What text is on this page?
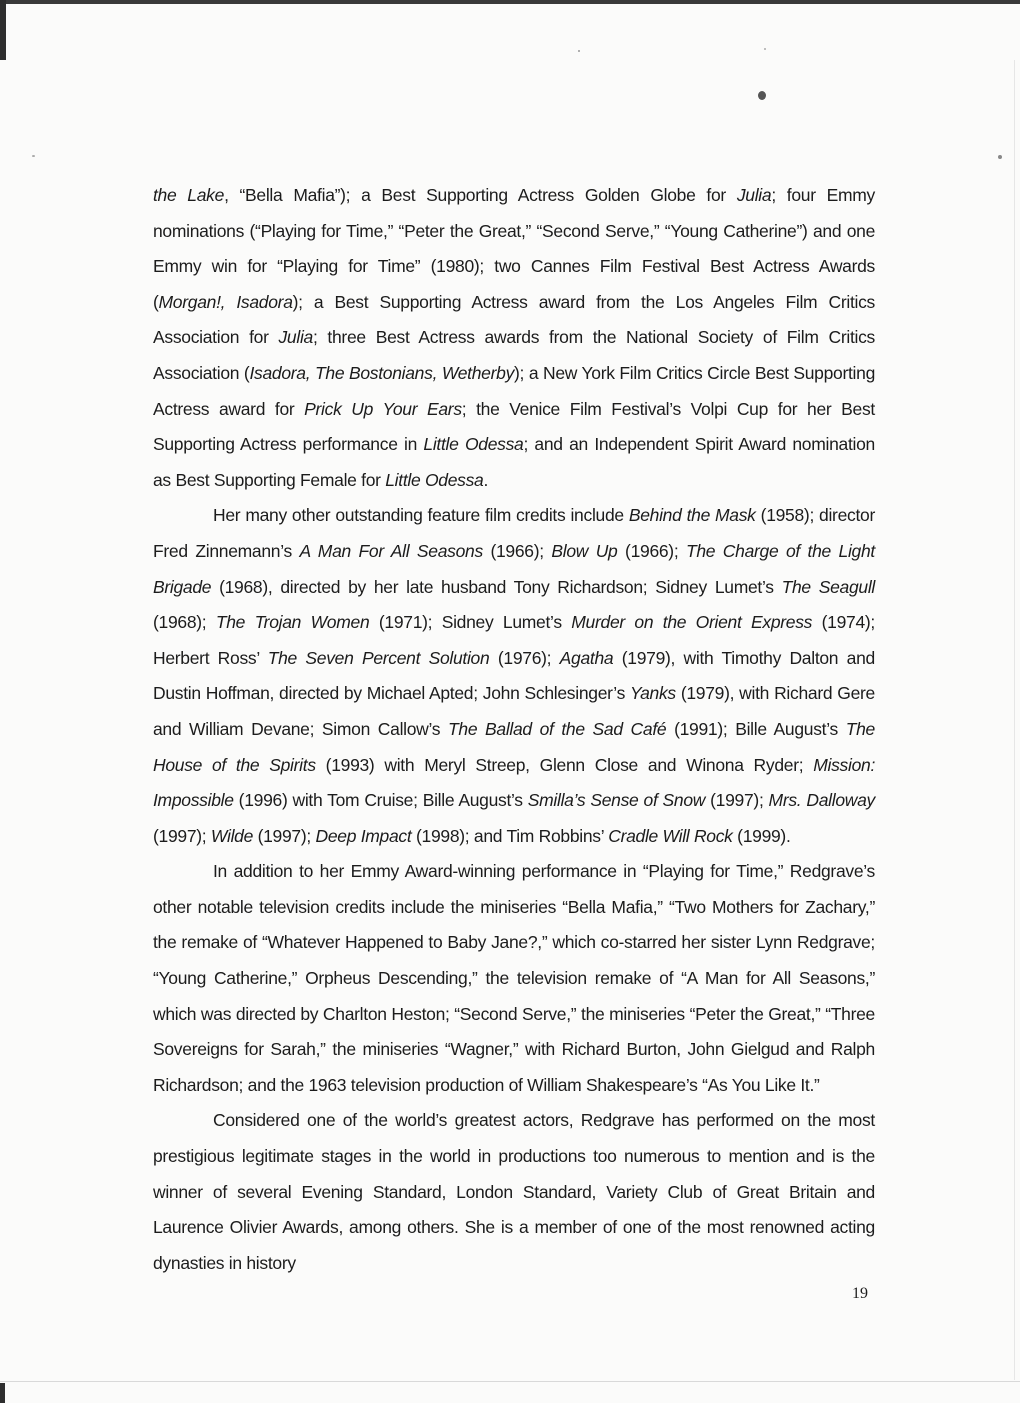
the Lake, “Bella Mafia”); a Best Supporting Actress Golden Globe for Julia; four Emmy nominations (“Playing for Time,” “Peter the Great,” “Second Serve,” “Young Catherine”) and one Emmy win for “Playing for Time” (1980); two Cannes Film Festival Best Actress Awards (Morgan!, Isadora); a Best Supporting Actress award from the Los Angeles Film Critics Association for Julia; three Best Actress awards from the National Society of Film Critics Association (Isadora, The Bostonians, Wetherby); a New York Film Critics Circle Best Supporting Actress award for Prick Up Your Ears; the Venice Film Festival’s Volpi Cup for her Best Supporting Actress performance in Little Odessa; and an Independent Spirit Award nomination as Best Supporting Female for Little Odessa.

Her many other outstanding feature film credits include Behind the Mask (1958); director Fred Zinnemann’s A Man For All Seasons (1966); Blow Up (1966); The Charge of the Light Brigade (1968), directed by her late husband Tony Richardson; Sidney Lumet’s The Seagull (1968); The Trojan Women (1971); Sidney Lumet’s Murder on the Orient Express (1974); Herbert Ross’ The Seven Percent Solution (1976); Agatha (1979), with Timothy Dalton and Dustin Hoffman, directed by Michael Apted; John Schlesinger’s Yanks (1979), with Richard Gere and William Devane; Simon Callow’s The Ballad of the Sad Café (1991); Bille August’s The House of the Spirits (1993) with Meryl Streep, Glenn Close and Winona Ryder; Mission: Impossible (1996) with Tom Cruise; Bille August’s Smilla’s Sense of Snow (1997); Mrs. Dalloway (1997); Wilde (1997); Deep Impact (1998); and Tim Robbins’ Cradle Will Rock (1999).

In addition to her Emmy Award-winning performance in “Playing for Time,” Redgrave’s other notable television credits include the miniseries “Bella Mafia,” “Two Mothers for Zachary,” the remake of “Whatever Happened to Baby Jane?,” which co-starred her sister Lynn Redgrave; “Young Catherine,” Orpheus Descending,” the television remake of “A Man for All Seasons,” which was directed by Charlton Heston; “Second Serve,” the miniseries “Peter the Great,” “Three Sovereigns for Sarah,” the miniseries “Wagner,” with Richard Burton, John Gielgud and Ralph Richardson; and the 1963 television production of William Shakespeare’s “As You Like It.”

Considered one of the world’s greatest actors, Redgrave has performed on the most prestigious legitimate stages in the world in productions too numerous to mention and is the winner of several Evening Standard, London Standard, Variety Club of Great Britain and Laurence Olivier Awards, among others. She is a member of one of the most renowned acting dynasties in history

19
